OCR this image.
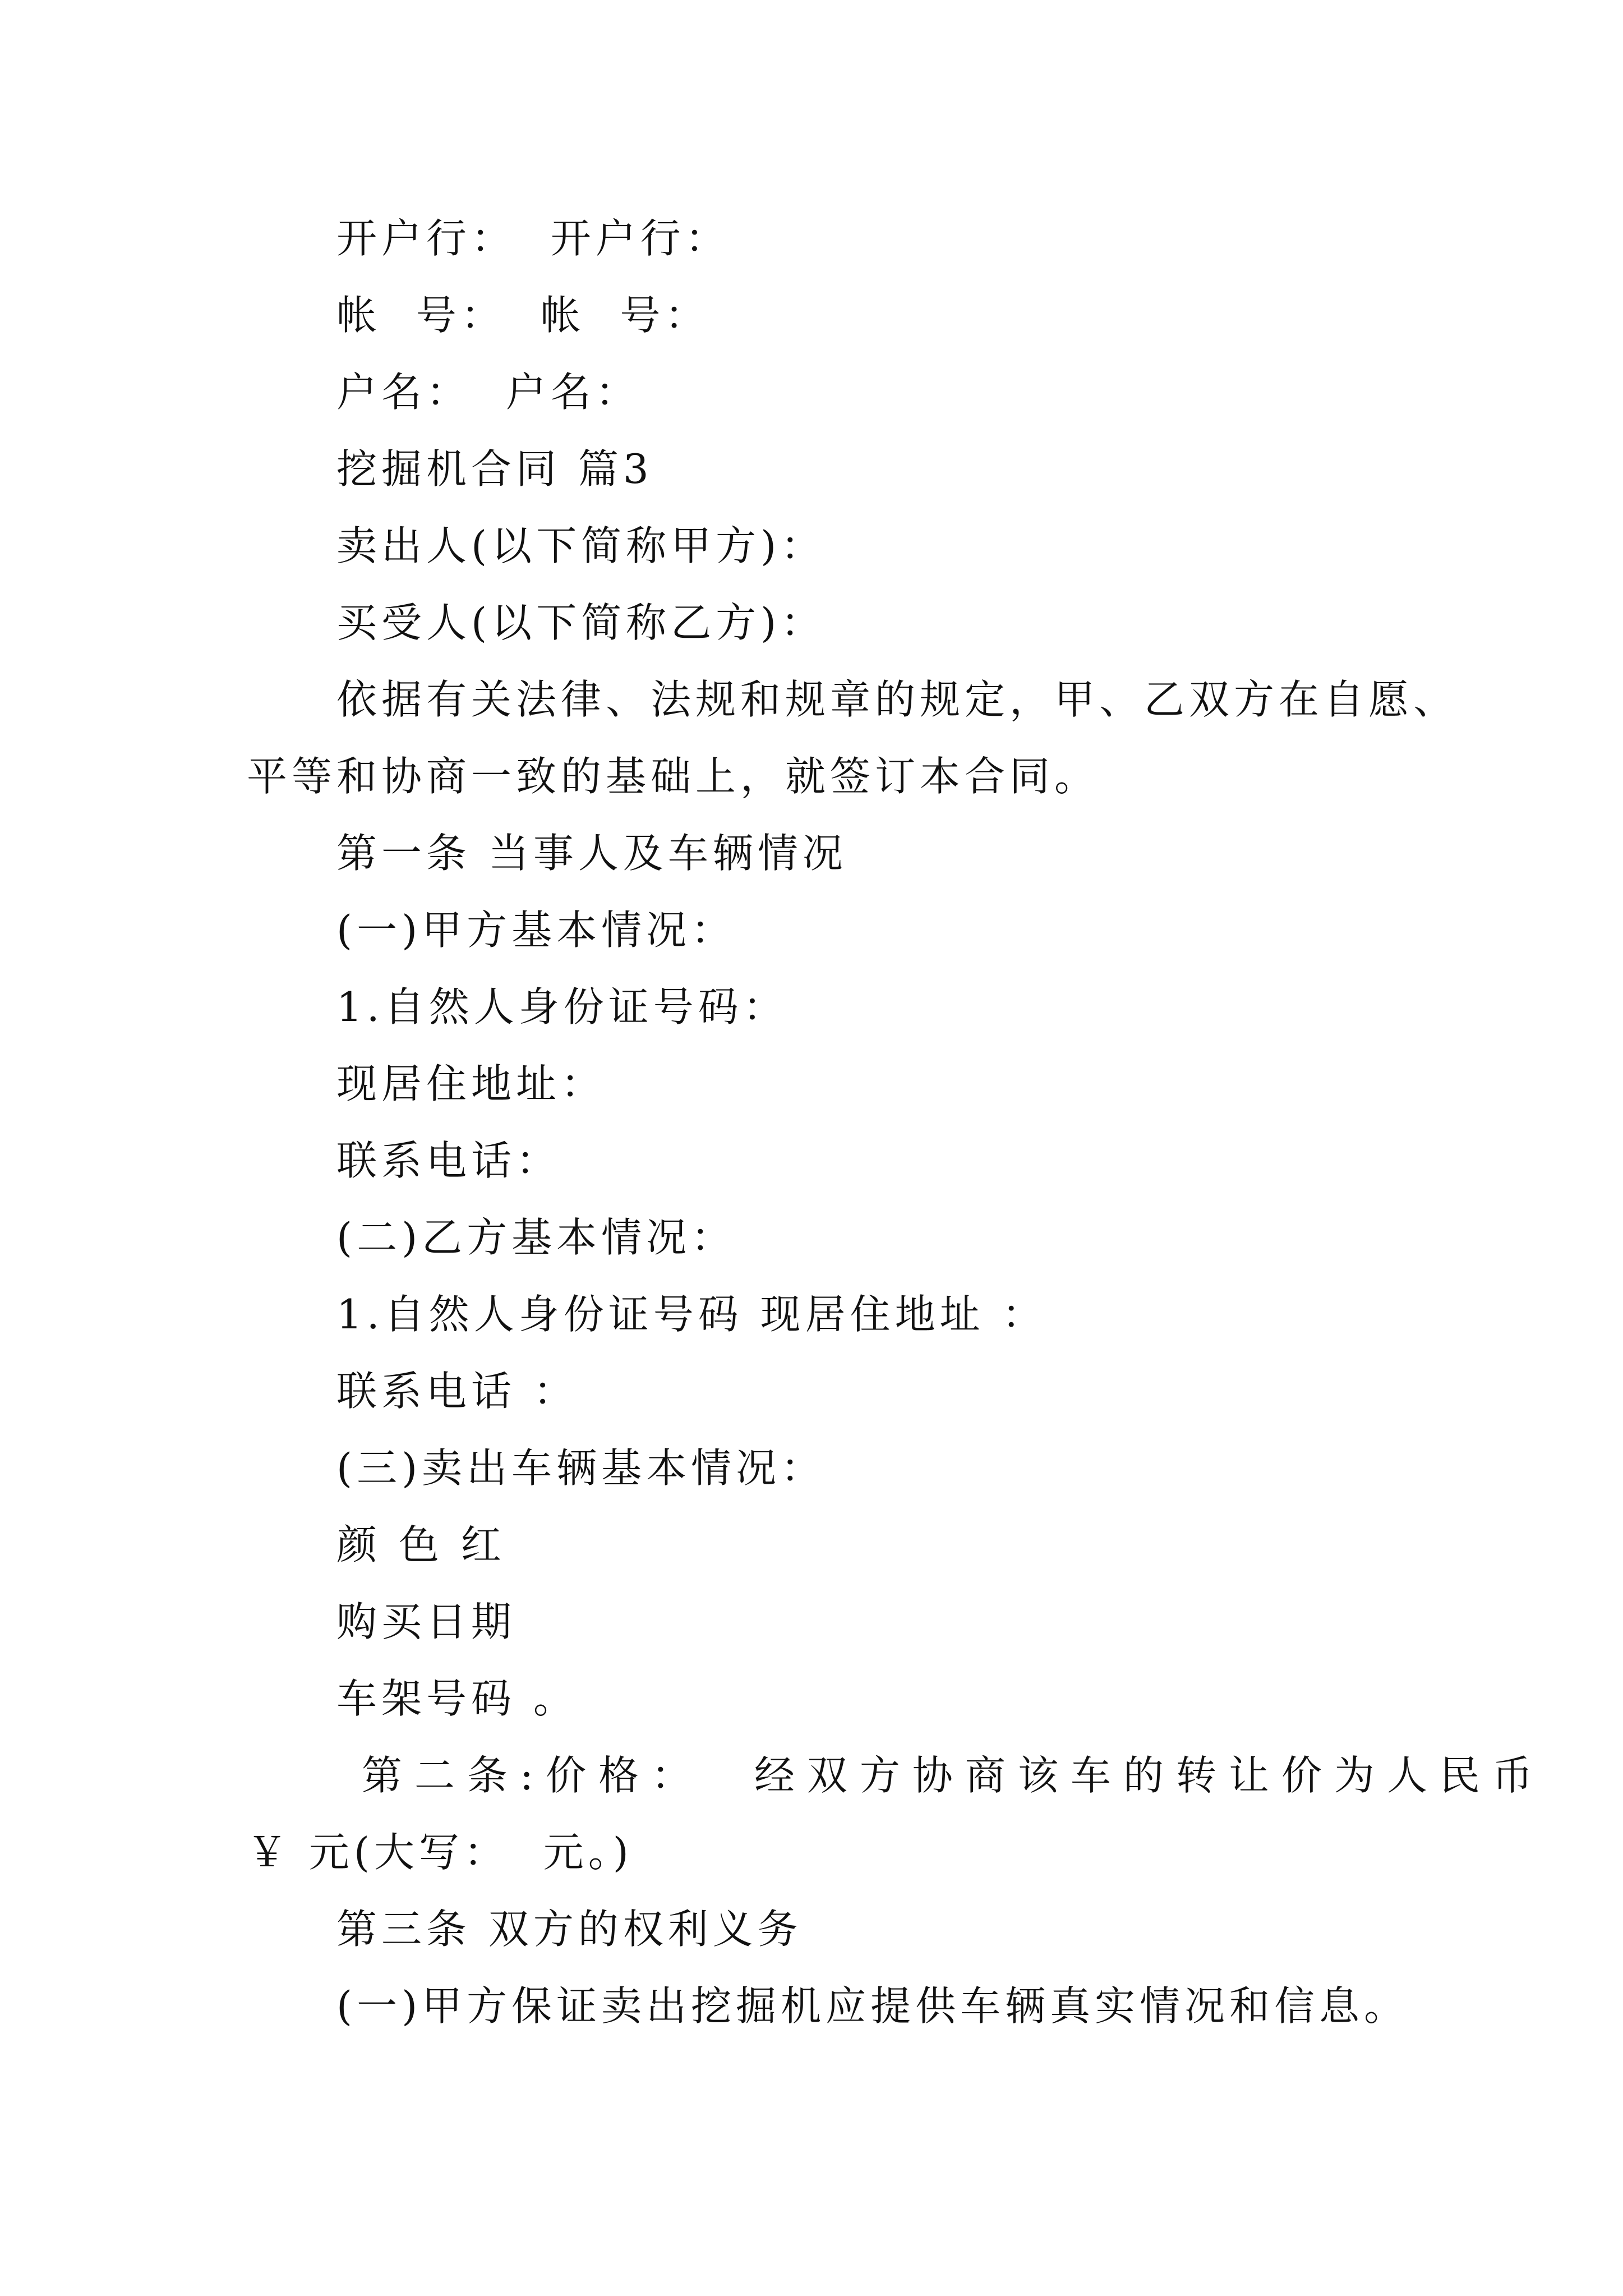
开户行：  开户行：
帐  号：  帐  号：
户名：  户名：
挖掘机合同 篇3
卖出人(以下简称甲方)：
买受人(以下简称乙方)：
依据有关法律、法规和规章的规定，甲、乙双方在自愿、
平等和协商一致的基础上，就签订本合同。
第一条 当事人及车辆情况
(一)甲方基本情况：
1.自然人身份证号码：
现居住地址：
联系电话：
(二)乙方基本情况：
1.自然人身份证号码 现居住地址 ：
联系电话 ：
(三)卖出车辆基本情况：
颜 色 红
购买日期
车架号码 。
第二条:价格：  经双方协商该车的转让价为人民币
￥ 元(大写：  元。)
第三条 双方的权利义务
(一)甲方保证卖出挖掘机应提供车辆真实情况和信息。
